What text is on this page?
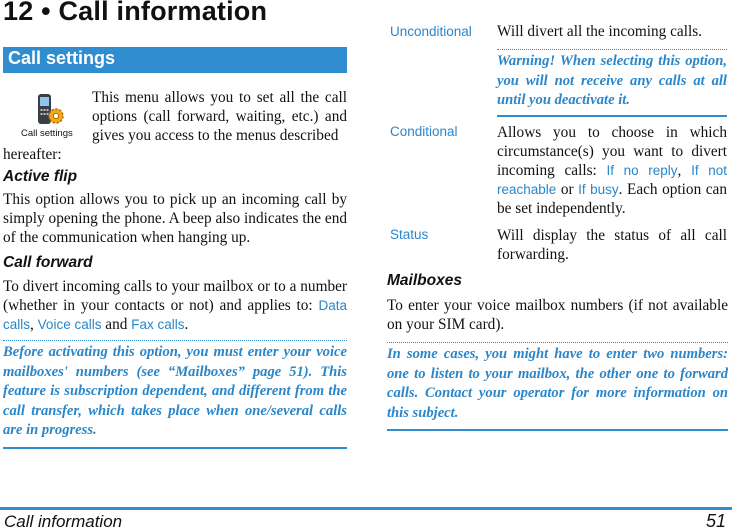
12 • Call information
Call settings
Call settings
This menu allows you to set all the call options (call forward, waiting, etc.) and gives you access to the menus described
hereafter:
Active flip
This option allows you to pick up an incoming call by simply opening the phone. A beep also indicates the end of the communication when hanging up.
Call forward
To divert incoming calls to your mailbox or to a number (whether in your contacts or not) and applies to: Data calls, Voice calls and Fax calls.
Before activating this option, you must enter your voice mailboxes' numbers (see “Mailboxes” page 51). This feature is subscription dependent, and different from the call transfer, which takes place when one/several calls are in progress.
Unconditional Will divert all the incoming calls.
Warning! When selecting this option, you will not receive any calls at all until you deactivate it.
Conditional	Allows you to choose in which circumstance(s) you want to divert incoming calls: If no reply, If not reachable or If busy. Each option can be set independently.
Status	Will display the status of all call forwarding.
Mailboxes
To enter your voice mailbox numbers (if not available on your SIM card).
In some cases, you might have to enter two numbers: one to listen to your mailbox, the other one to forward calls. Contact your operator for more information on this subject.
Call information	51
